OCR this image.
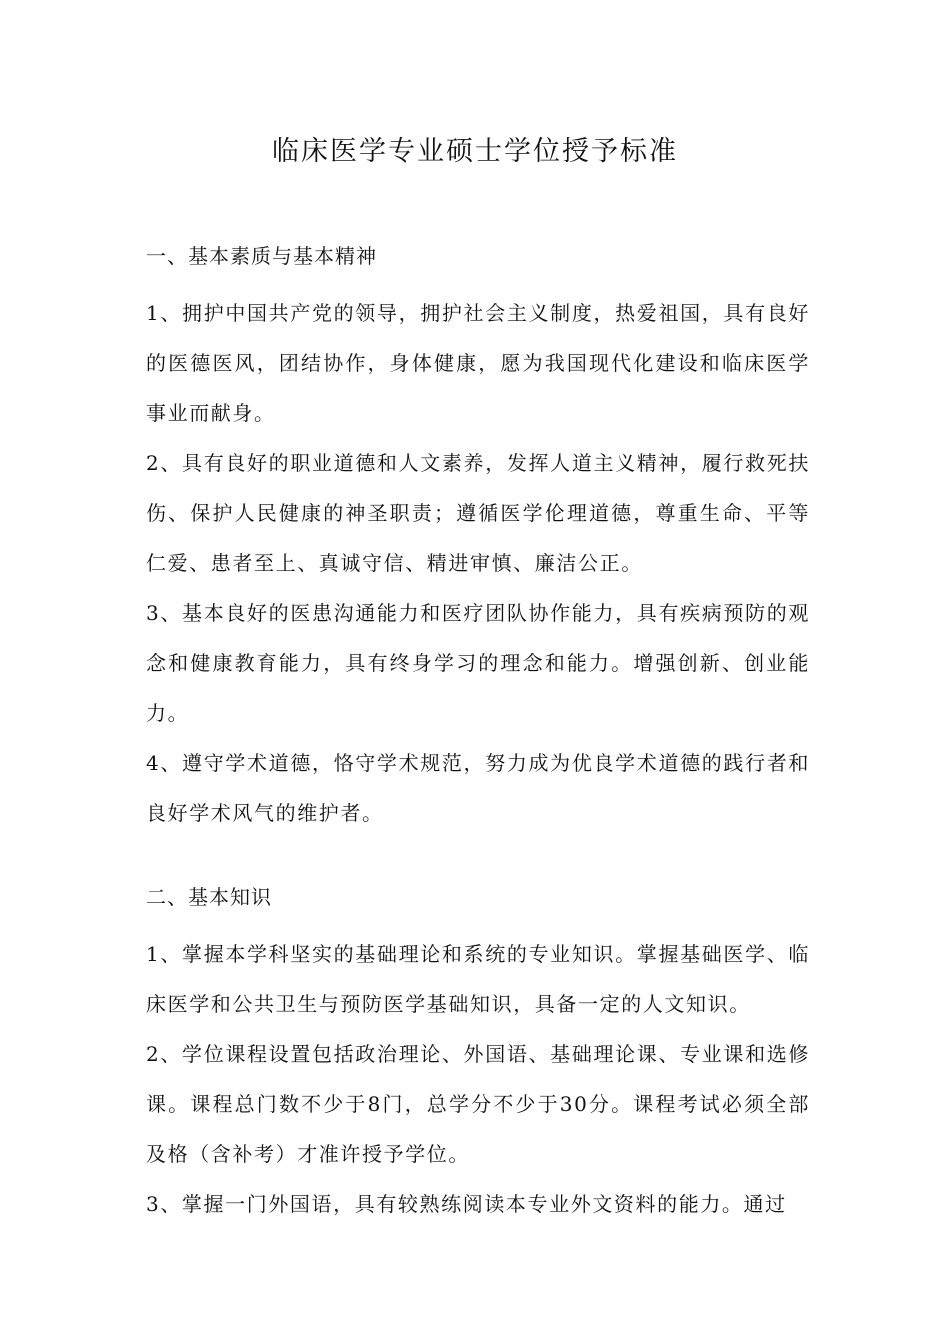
临床医学专业硕士学位授予标准

一、基本素质与基本精神

1、拥护中国共产党的领导，拥护社会主义制度，热爱祖国，具有良好的医德医风，团结协作，身体健康，愿为我国现代化建设和临床医学事业而献身。

2、具有良好的职业道德和人文素养，发挥人道主义精神，履行救死扶伤、保护人民健康的神圣职责；遵循医学伦理道德，尊重生命、平等仁爱、患者至上、真诚守信、精进审慎、廉洁公正。

3、基本良好的医患沟通能力和医疗团队协作能力，具有疾病预防的观念和健康教育能力，具有终身学习的理念和能力。增强创新、创业能力。

4、遵守学术道德，恪守学术规范，努力成为优良学术道德的践行者和良好学术风气的维护者。

二、基本知识

1、掌握本学科坚实的基础理论和系统的专业知识。掌握基础医学、临床医学和公共卫生与预防医学基础知识，具备一定的人文知识。

2、学位课程设置包括政治理论、外国语、基础理论课、专业课和选修课。课程总门数不少于8门，总学分不少于30分。课程考试必须全部及格（含补考）才准许授予学位。

3、掌握一门外国语，具有较熟练阅读本专业外文资料的能力。通过
